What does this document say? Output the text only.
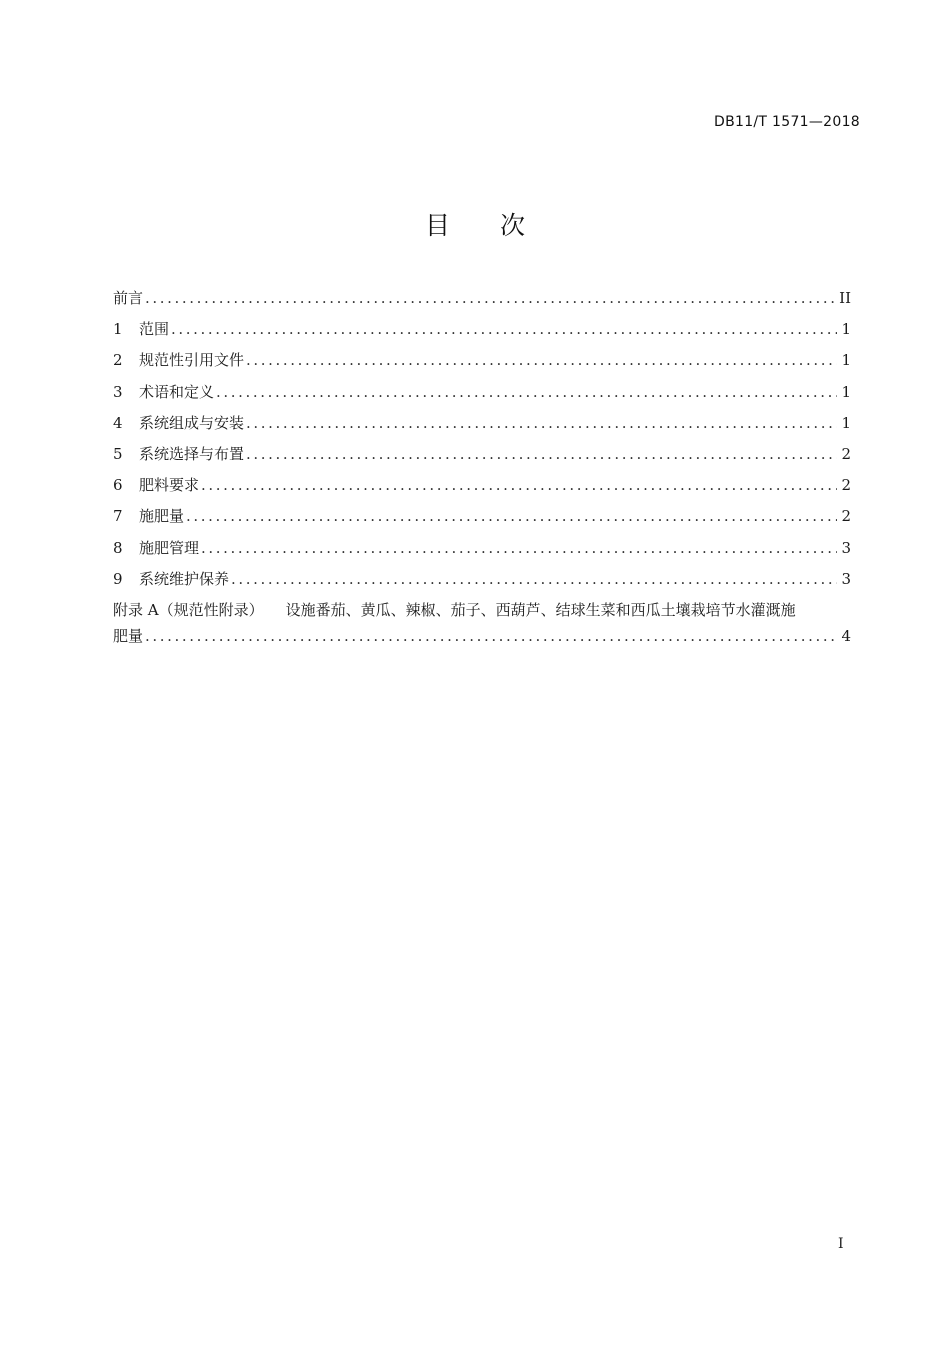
DB11/T 1571—2018
目 次
前言 .....	II
1	范围 .....	1
2	规范性引用文件 .....	1
3	术语和定义 .....	1
4	系统组成与安装 .....	1
5	系统选择与布置 .....	2
6	肥料要求 .....	2
7	施肥量 .....	2
8	施肥管理 .....	3
9	系统维护保养 .....	3
附录 A（规范性附录） 设施番茄、黄瓜、辣椒、茄子、西葫芦、结球生菜和西瓜土壤栽培节水灌溉施
肥量 .....	4
I
